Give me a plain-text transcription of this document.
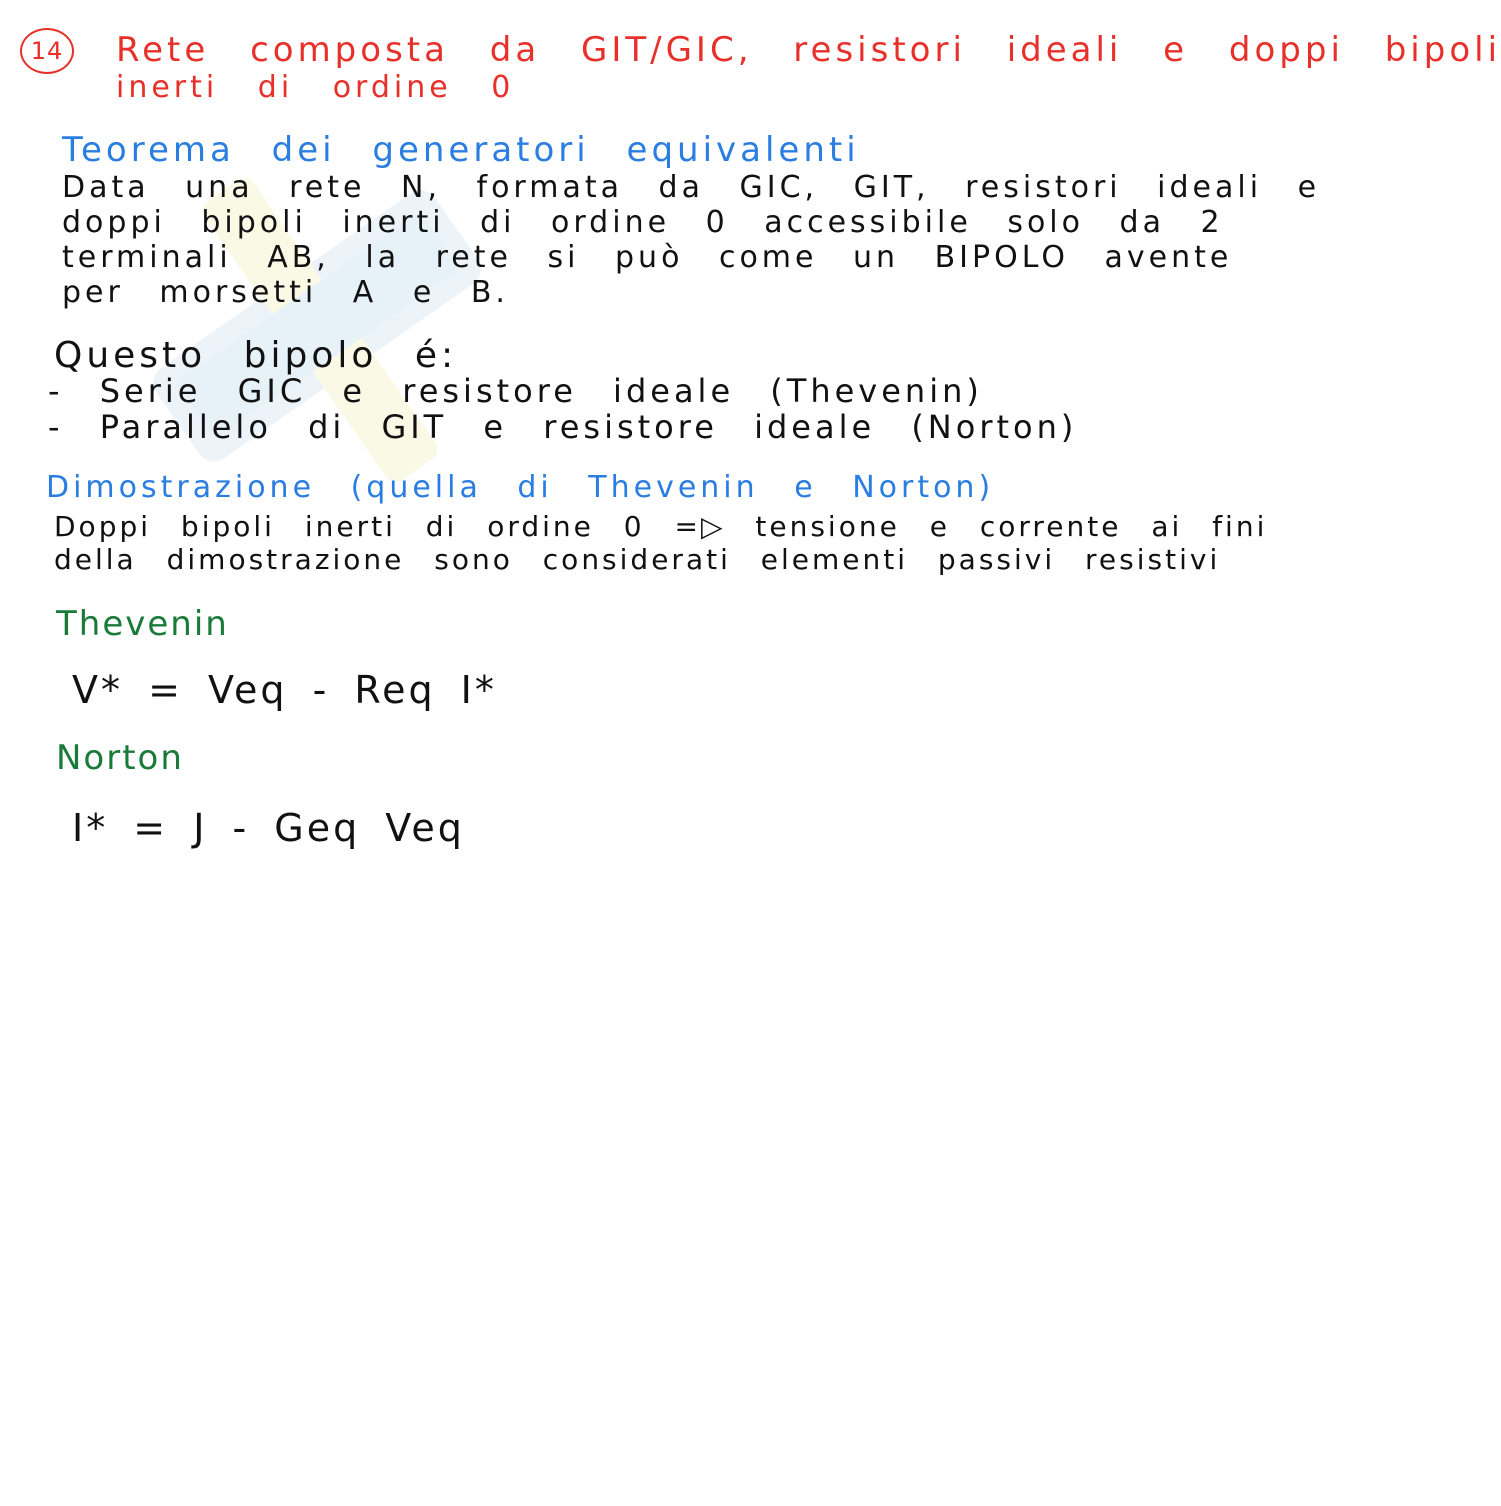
14	Rete composta da GIT/GIC, resistori ideali e doppi bipoli
inerti di ordine 0
Teorema dei generatori equivalenti
Data una rete N, formata da GIC, GIT, resistori ideali e
doppi bipoli inerti di ordine 0 accessibile solo da 2
terminali AB, la rete si può come un BIPOLO avente
per morsetti A e B.
Questo bipolo é:
- Serie GIC e resistore ideale (Thevenin)
- Parallelo di GIT e resistore ideale (Norton)
Dimostrazione (quella di Thevenin e Norton)
Doppi bipoli inerti di ordine 0 =▷ tensione e corrente ai fini
della dimostrazione sono considerati elementi passivi resistivi
Thevenin
V* = Veq - Req I*
Norton
I* = J - Geq Veq
